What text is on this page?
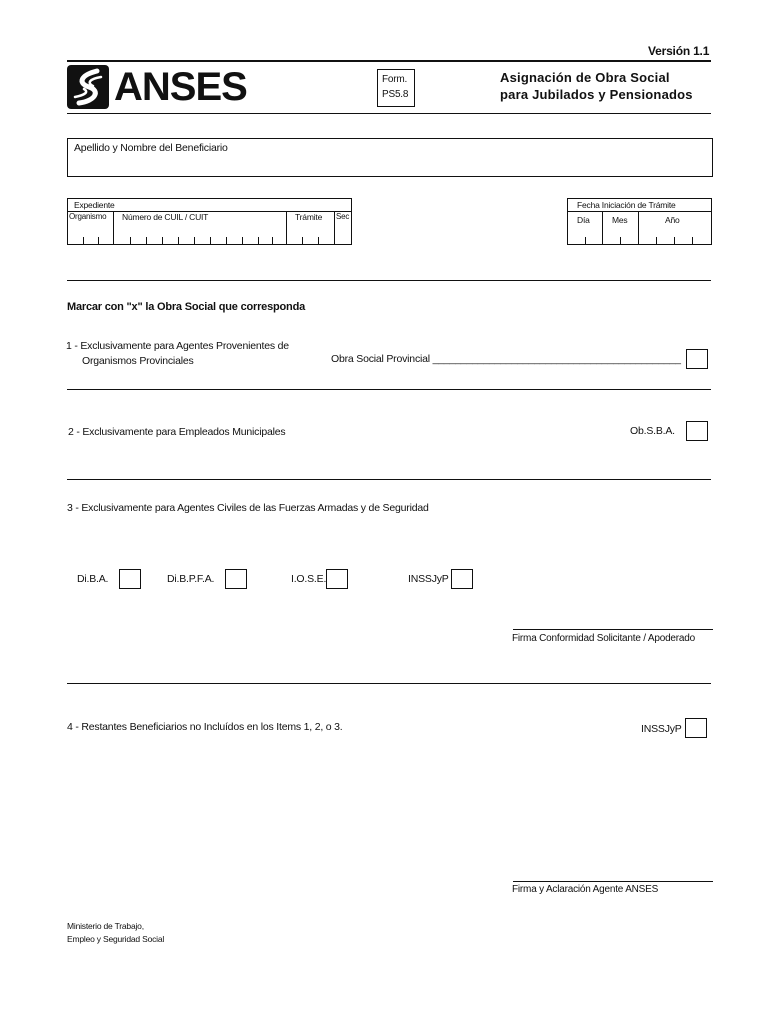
Versión 1.1
ANSES	Form.
PS5.8
Asignación de Obra Social
para Jubilados y Pensionados
Apellido y Nombre del Beneficiario
Expediente
Organismo Número de CUIL / CUIT	Trámite Sec
Fecha Iniciación de Trámite
Día	Mes	Año
Marcar con "x" la Obra Social que corresponda
1 - Exclusivamente para Agentes Provenientes de
Organismos Provinciales	Obra Social Provincial ____________________________________________
2 - Exclusivamente para Empleados Municipales	Ob.S.B.A.
3 - Exclusivamente para Agentes Civiles de las Fuerzas Armadas y de Seguridad
Di.B.A.	Di.B.P.F.A.	I.O.S.E.	INSSJyP
Firma Conformidad Solicitante / Apoderado
4 - Restantes Beneficiarios no Incluídos en los Items 1, 2, o 3.	INSSJyP
Firma y Aclaración Agente ANSES
Ministerio de Trabajo,
Empleo y Seguridad Social
